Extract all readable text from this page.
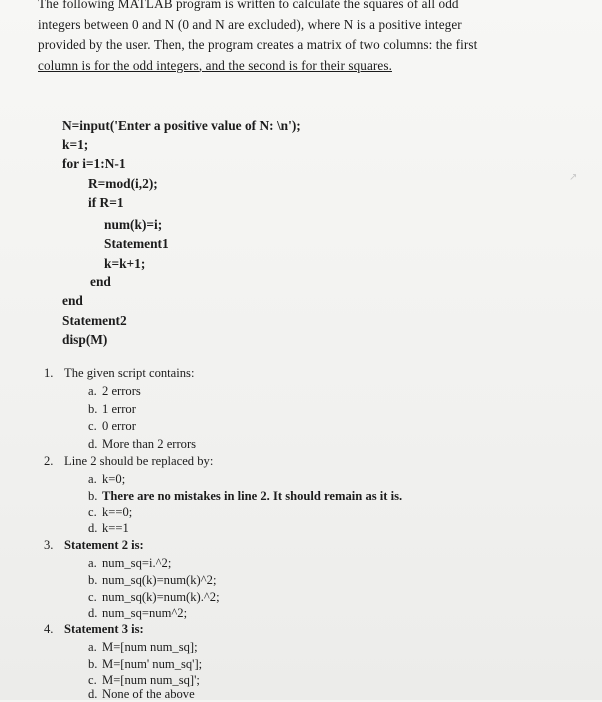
The following MATLAB program is written to calculate the squares of all odd
integers between 0 and N (0 and N are excluded), where N is a positive integer
provided by the user. Then, the program creates a matrix of two columns: the first
column is for the odd integers, and the second is for their squares.
N=input('Enter a positive value of N: \n');
k=1;
for i=1:N-1
R=mod(i,2);
if R=1
num(k)=i;
Statement1
k=k+1;
end
end
Statement2
disp(M)
↗
1. The given script contains:
a. 2 errors
b. 1 error
c. 0 error
d. More than 2 errors
2. Line 2 should be replaced by:
a. k=0;
b. There are no mistakes in line 2. It should remain as it is.
c. k==0;
d. k==1
3. Statement 2 is:
a. num_sq=i.^2;
b. num_sq(k)=num(k)^2;
c. num_sq(k)=num(k).^2;
d. num_sq=num^2;
4. Statement 3 is:
a. M=[num num_sq];
b. M=[num' num_sq'];
c. M=[num num_sq]';
d. None of the above
